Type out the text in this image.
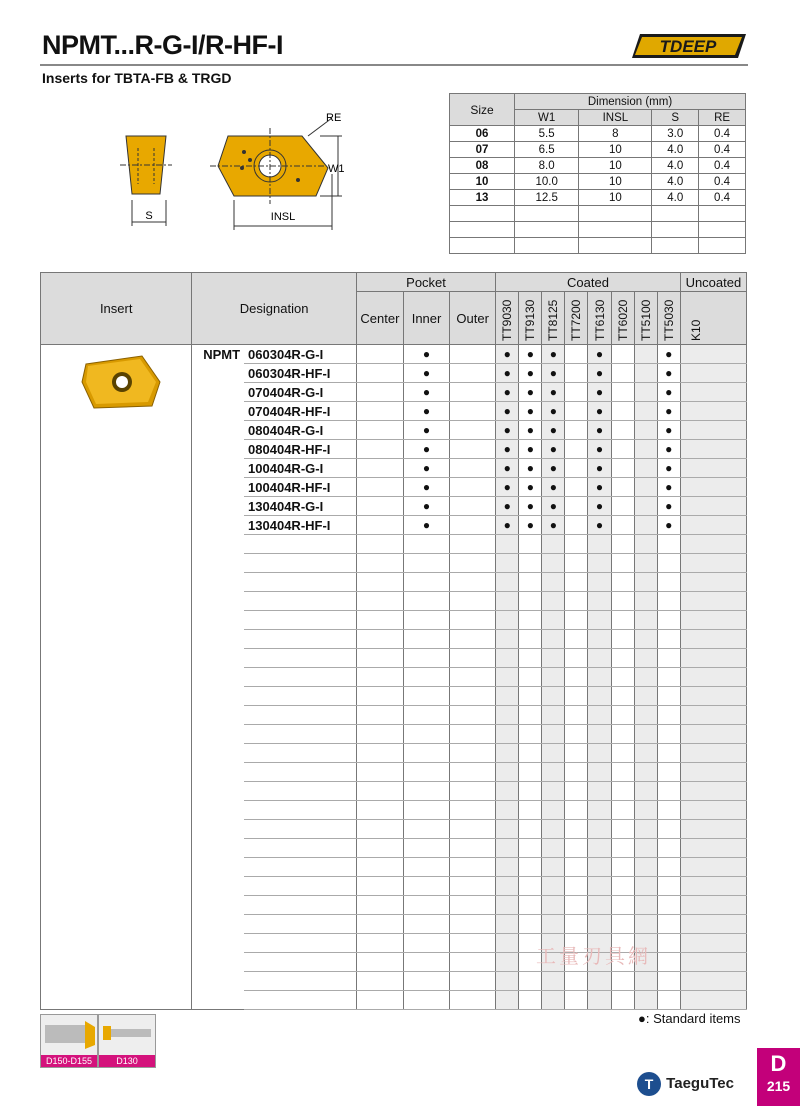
NPMT...R-G-I/R-HF-I
Inserts for TBTA-FB & TRGD
TDEEP
S
RE
W1
INSL
Size	Dimension (mm)			
	W1	INSL	S	RE
06	5.5	8	3.0	0.4
07	6.5	10	4.0	0.4
08	8.0	10	4.0	0.4
10	10.0	10	4.0	0.4
13	12.5	10	4.0	0.4

Insert	Designation		Pocket			Coated								Uncoated
			Center	Inner	Outer	TT9030	TT9130	TT8125	TT7200	TT6130	TT6020	TT5100	TT5030	K10

	NPMT	060304R-G-I		●		●	●	●		●			●	
		060304R-HF-I		●		●	●	●		●			●	
		070404R-G-I		●		●	●	●		●			●	
		070404R-HF-I		●		●	●	●		●			●	
		080404R-G-I		●		●	●	●		●			●	
		080404R-HF-I		●		●	●	●		●			●	
		100404R-G-I		●		●	●	●		●			●	
		100404R-HF-I		●		●	●	●		●			●	
		130404R-G-I		●		●	●	●		●			●	
		130404R-HF-I		●		●	●	●		●			●	

工量刃具網
●: Standard items
D150-D155	D130
T TaeguTec
D
215
